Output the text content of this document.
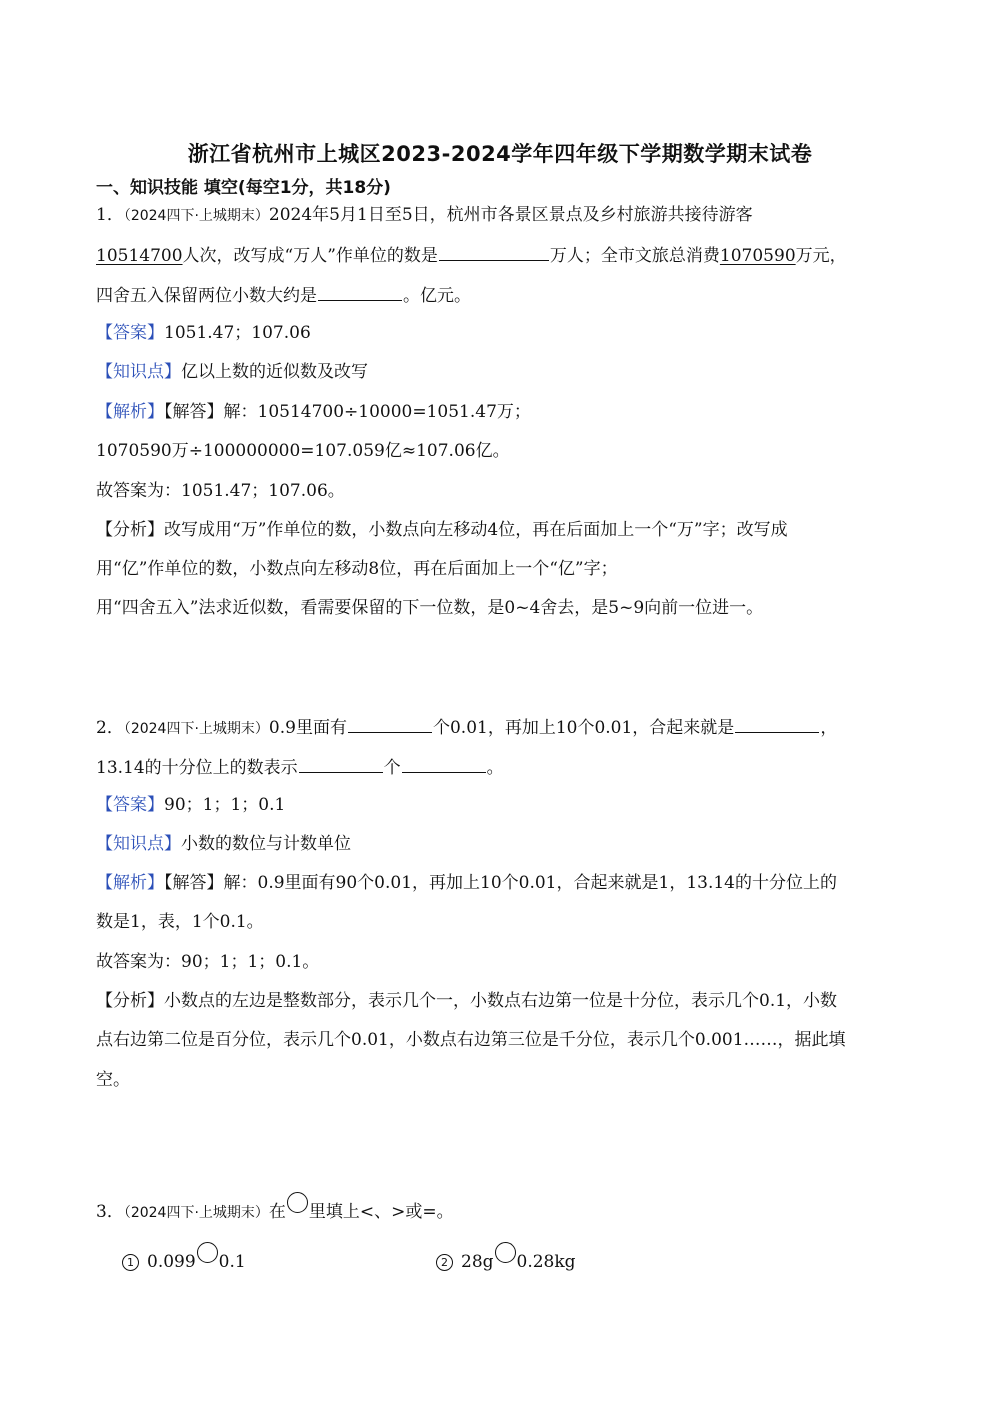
浙江省杭州市上城区2023-2024学年四年级下学期数学期末试卷
一、知识技能 填空(每空1分，共18分)
1．（2024四下·上城期末）2024年5月1日至5日，杭州市各景区景点及乡村旅游共接待游客
10514700人次，改写成“万人”作单位的数是	万人；全市文旅总消费1070590万元，
四舍五入保留两位小数大约是	。亿元。
【答案】1051.47；107.06
【知识点】亿以上数的近似数及改写
【解析】【解答】解：10514700÷10000=1051.47万；
1070590万÷100000000=107.059亿≈107.06亿。
故答案为：1051.47；107.06。
【分析】改写成用“万”作单位的数，小数点向左移动4位，再在后面加上一个“万”字；改写成
用“亿”作单位的数，小数点向左移动8位，再在后面加上一个“亿”字；
用“四舍五入”法求近似数，看需要保留的下一位数，是0~4舍去，是5~9向前一位进一。
2．（2024四下·上城期末）0.9里面有	个0.01，再加上10个0.01，合起来就是	，
13.14的十分位上的数表示	个	。
【答案】90；1；1；0.1
【知识点】小数的数位与计数单位
【解析】【解答】解：0.9里面有90个0.01，再加上10个0.01，合起来就是1，13.14的十分位上的
数是1，表，1个0.1。
故答案为：90；1；1；0.1。
【分析】小数点的左边是整数部分，表示几个一，小数点右边第一位是十分位，表示几个0.1，小数
点右边第二位是百分位，表示几个0.01，小数点右边第三位是千分位，表示几个0.001……，据此填
空。
3．（2024四下·上城期末）在 里填上<、>或=。
1 0.099 0.1	2 28g 0.28kg
